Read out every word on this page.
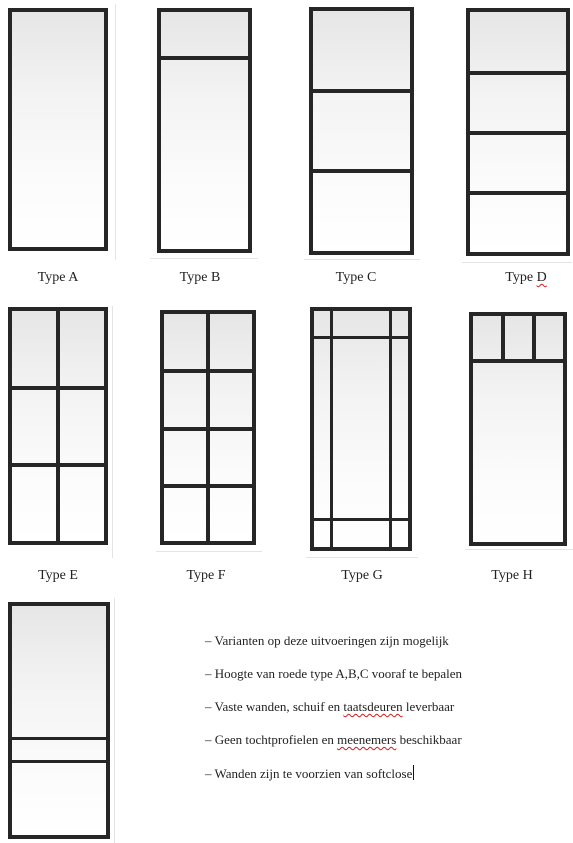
Type A	Type B	Type C	Type D
Type E	Type F	Type G	Type H
– Varianten op deze uitvoeringen zijn mogelijk
– Hoogte van roede type A,B,C vooraf te bepalen
– Vaste wanden, schuif en taatsdeuren leverbaar
– Geen tochtprofielen en meenemers beschikbaar
– Wanden zijn te voorzien van softclose
